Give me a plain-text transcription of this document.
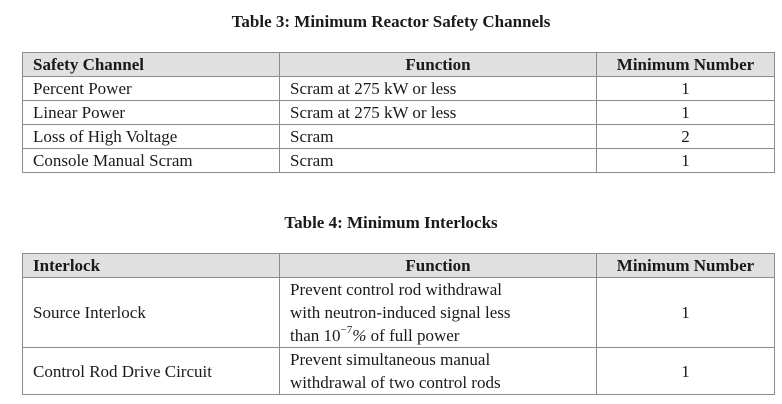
Table 3: Minimum Reactor Safety Channels
Safety Channel	Function	Minimum Number
Percent Power	Scram at 275 kW or less	1
Linear Power	Scram at 275 kW or less	1
Loss of High Voltage	Scram	2
Console Manual Scram	Scram	1
Table 4: Minimum Interlocks
Interlock	Function	Minimum Number
Source Interlock	Prevent control rod withdrawal
with neutron-induced signal less
than $10^{-7}\%$ of full power	1
Control Rod Drive Circuit	Prevent simultaneous manual
withdrawal of two control rods	1
